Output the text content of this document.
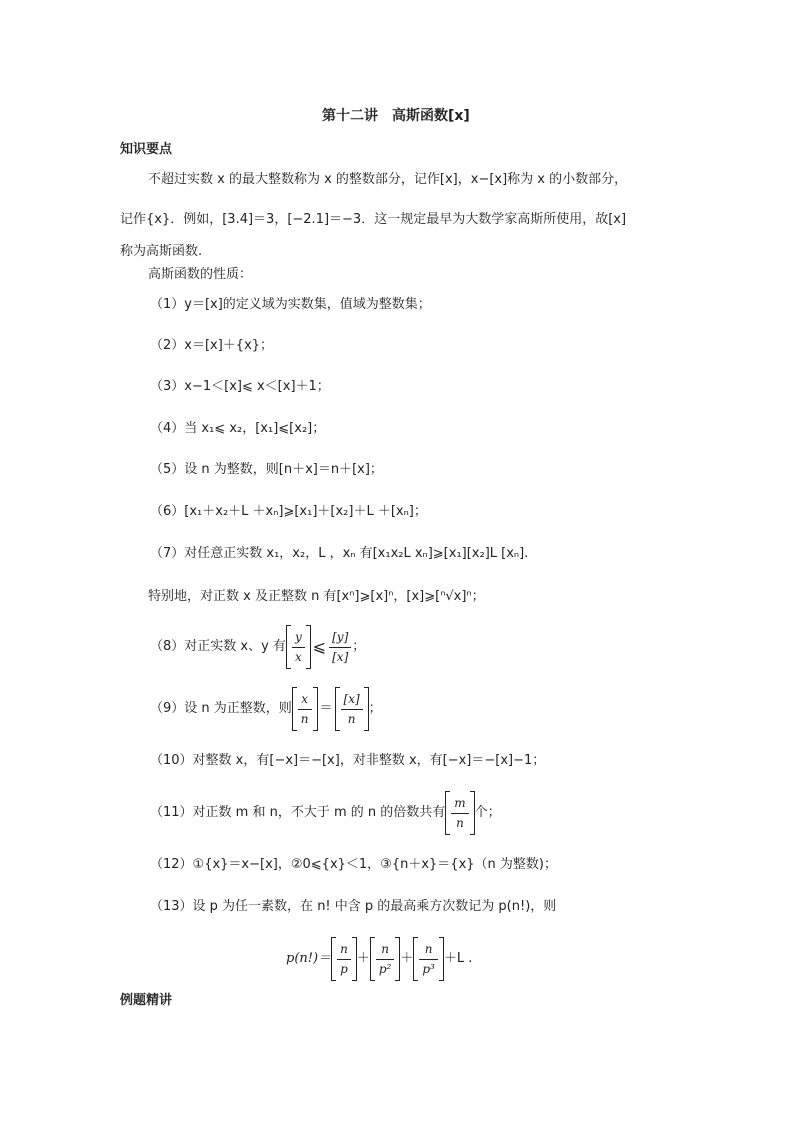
第十二讲　高斯函数[x]
知识要点
不超过实数 x 的最大整数称为 x 的整数部分，记作[x]，x−[x]称为 x 的小数部分，
记作{x}．例如，[3.4]＝3，[−2.1]＝−3．这一规定最早为大数学家高斯所使用，故[x]
称为高斯函数.
高斯函数的性质：
（1）y＝[x]的定义域为实数集，值域为整数集；
（2）x＝[x]＋{x}；
（3）x−1＜[x]⩽ x＜[x]＋1；
（4）当 x₁⩽ x₂，[x₁]⩽[x₂]；
（5）设 n 为整数，则[n＋x]＝n＋[x]；
（6）[x₁＋x₂＋L ＋xₙ]⩾[x₁]＋[x₂]＋L ＋[xₙ]；
（7）对任意正实数 x₁，x₂，L ，xₙ 有[x₁x₂L xₙ]⩾[x₁][x₂]L [xₙ].
特别地，对正数 x 及正整数 n 有[xⁿ]⩾[x]ⁿ，[x]⩾[ⁿ√x]ⁿ；
（8）对正实数 x、y 有 $\frac{y}{x}$ ⩽ $\frac{[y]}{[x]}$ ；
（9）设 n 为正整数，则 $\frac{x}{n} = \frac{[x]}{n}$ ；
（10）对整数 x，有[−x]＝−[x]，对非整数 x，有[−x]＝−[x]−1；
（11）对正数 m 和 n，不大于 m 的 n 的倍数共有 $\frac{m}{n}$ 个；
（12）①{x}＝x−[x]，②0⩽{x}＜1，③{n＋x}＝{x}（n 为整数)；
（13）设 p 为任一素数，在 n! 中含 p 的最高乘方次数记为 p(n!)，则
$p(n!)= \frac{n}{p} + \frac{n}{\text{p²}} + \frac{n}{\text{p³}} +L$ .
例题精讲
